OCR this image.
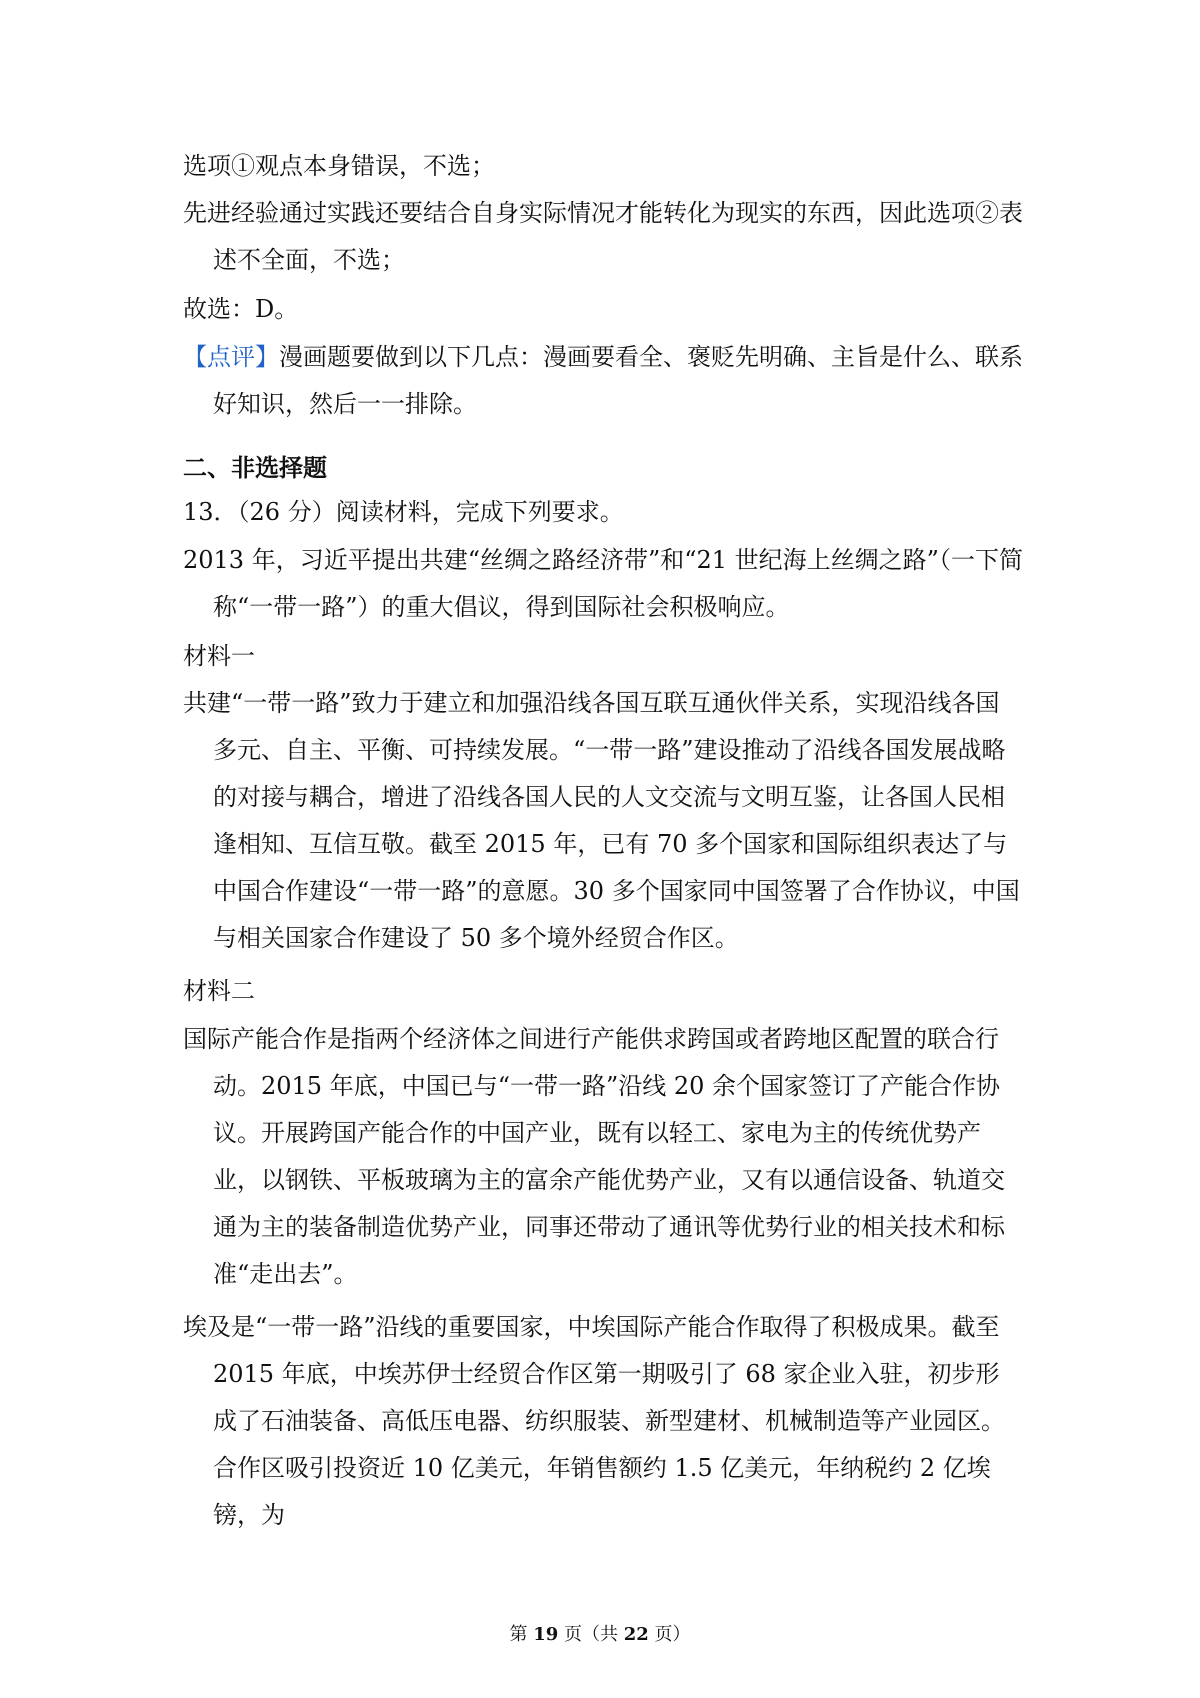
选项①观点本身错误，不选；

先进经验通过实践还要结合自身实际情况才能转化为现实的东西，因此选项②表述不全面，不选；

故选：D。

【点评】漫画题要做到以下几点：漫画要看全、褒贬先明确、主旨是什么、联系好知识，然后一一排除。

二、非选择题

13．（26 分）阅读材料，完成下列要求。

2013 年，习近平提出共建“丝绸之路经济带”和“21 世纪海上丝绸之路”（一下简称“一带一路”）的重大倡议，得到国际社会积极响应。

材料一

共建“一带一路”致力于建立和加强沿线各国互联互通伙伴关系，实现沿线各国多元、自主、平衡、可持续发展。“一带一路”建设推动了沿线各国发展战略的对接与耦合，增进了沿线各国人民的人文交流与文明互鉴，让各国人民相逢相知、互信互敬。截至 2015 年，已有 70 多个国家和国际组织表达了与中国合作建设“一带一路”的意愿。30 多个国家同中国签署了合作协议，中国与相关国家合作建设了 50 多个境外经贸合作区。

材料二

国际产能合作是指两个经济体之间进行产能供求跨国或者跨地区配置的联合行动。2015 年底，中国已与“一带一路”沿线 20 余个国家签订了产能合作协议。开展跨国产能合作的中国产业，既有以轻工、家电为主的传统优势产业，以钢铁、平板玻璃为主的富余产能优势产业，又有以通信设备、轨道交通为主的装备制造优势产业，同事还带动了通讯等优势行业的相关技术和标准“走出去”。

埃及是“一带一路”沿线的重要国家，中埃国际产能合作取得了积极成果。截至 2015 年底，中埃苏伊士经贸合作区第一期吸引了 68 家企业入驻，初步形成了石油装备、高低压电器、纺织服装、新型建材、机械制造等产业园区。合作区吸引投资近 10 亿美元，年销售额约 1.5 亿美元，年纳税约 2 亿埃镑，为

第 19 页（共 22 页）
